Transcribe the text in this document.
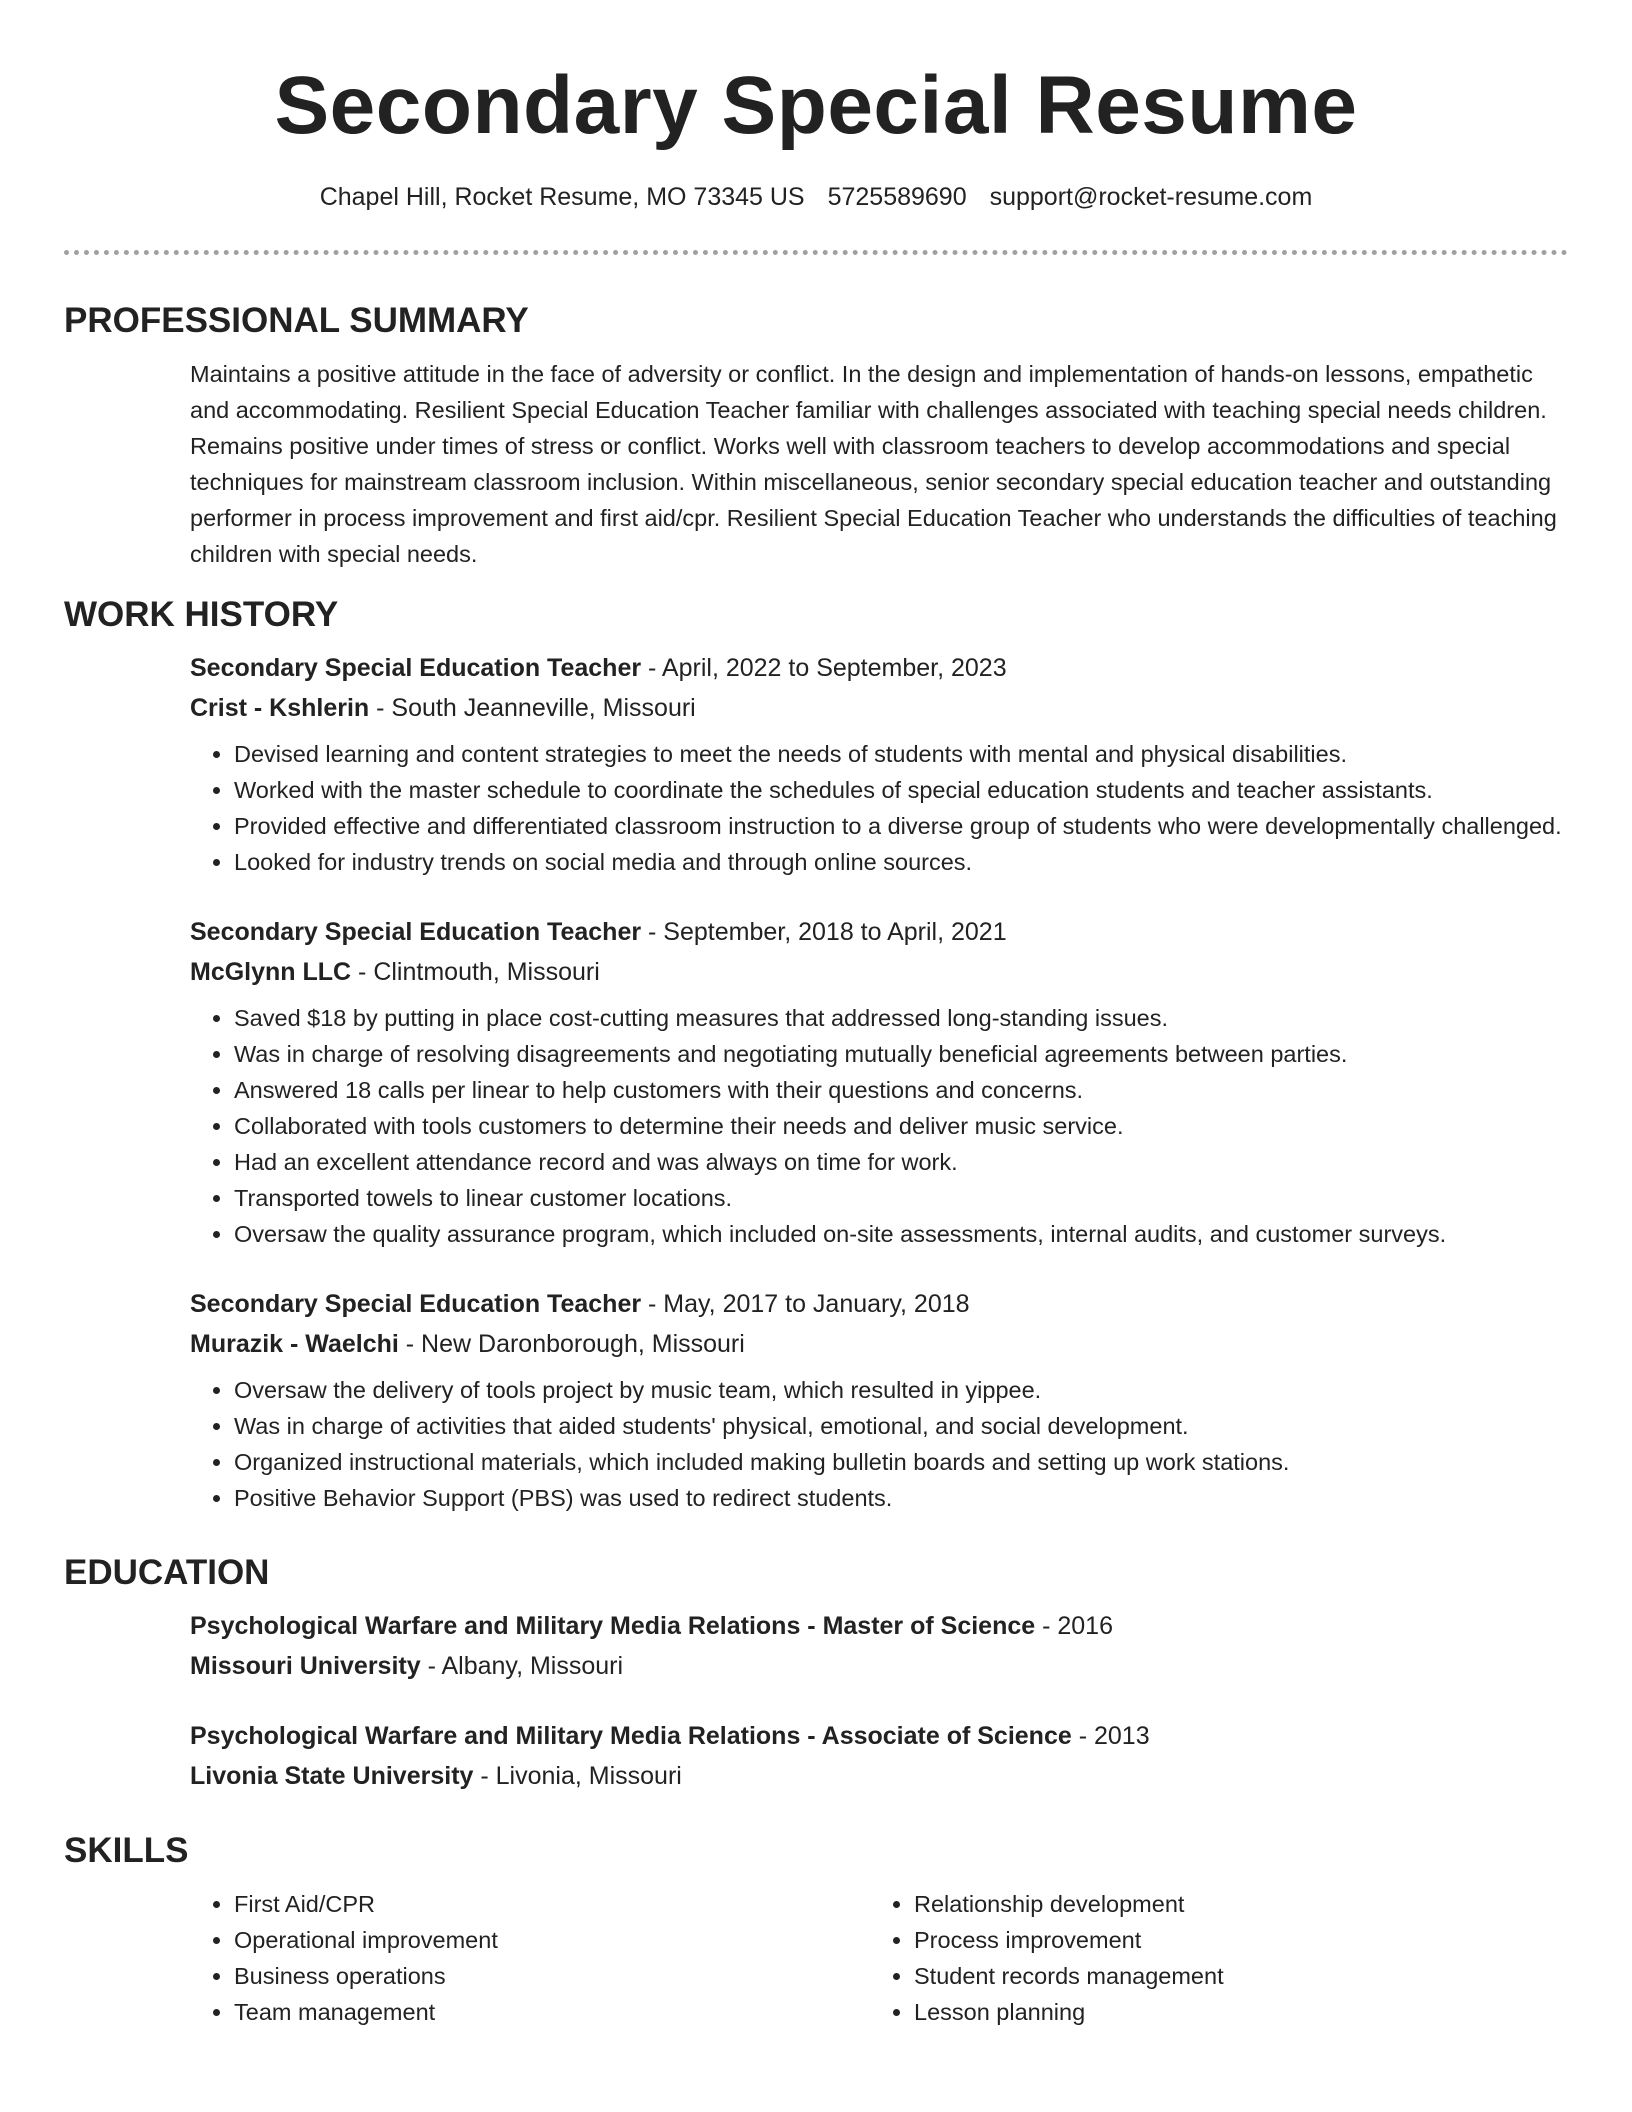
Secondary Special Resume

Chapel Hill, Rocket Resume, MO 73345 US 5725589690 support@rocket-resume.com

PROFESSIONAL SUMMARY

Maintains a positive attitude in the face of adversity or conflict. In the design and implementation of hands-on lessons, empathetic and accommodating. Resilient Special Education Teacher familiar with challenges associated with teaching special needs children. Remains positive under times of stress or conflict. Works well with classroom teachers to develop accommodations and special techniques for mainstream classroom inclusion. Within miscellaneous, senior secondary special education teacher and outstanding performer in process improvement and first aid/cpr. Resilient Special Education Teacher who understands the difficulties of teaching children with special needs.

WORK HISTORY
Secondary Special Education Teacher - April, 2022 to September, 2023
Crist - Kshlerin - South Jeanneville, Missouri
• Devised learning and content strategies to meet the needs of students with mental and physical disabilities.
• Worked with the master schedule to coordinate the schedules of special education students and teacher assistants.
• Provided effective and differentiated classroom instruction to a diverse group of students who were developmentally challenged.
• Looked for industry trends on social media and through online sources.
Secondary Special Education Teacher - September, 2018 to April, 2021
McGlynn LLC - Clintmouth, Missouri
• Saved $18 by putting in place cost-cutting measures that addressed long-standing issues.
• Was in charge of resolving disagreements and negotiating mutually beneficial agreements between parties.
• Answered 18 calls per linear to help customers with their questions and concerns.
• Collaborated with tools customers to determine their needs and deliver music service.
• Had an excellent attendance record and was always on time for work.
• Transported towels to linear customer locations.
• Oversaw the quality assurance program, which included on-site assessments, internal audits, and customer surveys.
Secondary Special Education Teacher - May, 2017 to January, 2018
Murazik - Waelchi - New Daronborough, Missouri
• Oversaw the delivery of tools project by music team, which resulted in yippee.
• Was in charge of activities that aided students' physical, emotional, and social development.
• Organized instructional materials, which included making bulletin boards and setting up work stations.
• Positive Behavior Support (PBS) was used to redirect students.
EDUCATION
Psychological Warfare and Military Media Relations - Master of Science - 2016
Missouri University - Albany, Missouri
Psychological Warfare and Military Media Relations - Associate of Science - 2013
Livonia State University - Livonia, Missouri
SKILLS
• First Aid/CPR
• Operational improvement
• Business operations
• Team management
• Relationship development
• Process improvement
• Student records management
• Lesson planning
